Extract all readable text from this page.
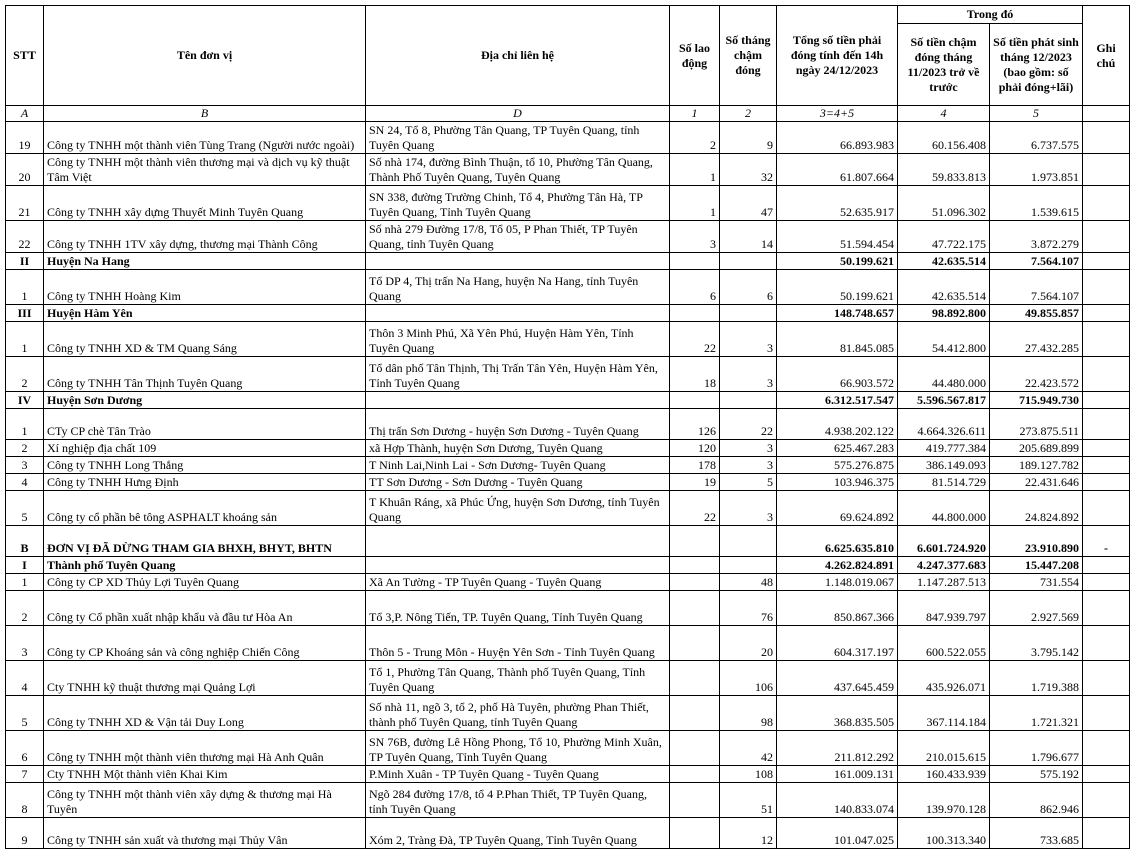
STT	Tên đơn vị	Địa chỉ liên hệ	Số lao động	Số tháng chậm đóng	Tổng số tiền phải đóng tính đến 14h ngày 24/12/2023	Trong đó		Ghi chú
						Số tiền chậm đóng tháng 11/2023 trở về trước	Số tiền phát sinh tháng 12/2023 (bao gồm: số phải đóng+lãi)	
A	B	D	1	2	3=4+5	4	5	
19	Công ty TNHH một thành viên Tùng Trang (Người nước ngoài)	SN 24, Tổ 8, Phường Tân Quang, TP Tuyên Quang, tỉnh Tuyên Quang	2	9	66.893.983	60.156.408	6.737.575	
20	Công ty TNHH một thành viên thương mại và dịch vụ kỹ thuật Tâm Việt	Số nhà 174, đường Bình Thuận, tổ 10, Phường Tân Quang, Thành Phố Tuyên Quang, Tuyên Quang	1	32	61.807.664	59.833.813	1.973.851	
21	Công ty TNHH xây dựng Thuyết Minh Tuyên Quang	SN 338, đường Trường Chinh, Tổ 4, Phường Tân Hà, TP Tuyên Quang, Tỉnh Tuyên Quang	1	47	52.635.917	51.096.302	1.539.615	
22	Công ty TNHH 1TV xây dựng, thương mại Thành Công	Số nhà 279 Đường 17/8, Tổ 05, P Phan Thiết, TP Tuyên Quang, tỉnh Tuyên Quang	3	14	51.594.454	47.722.175	3.872.279	
II	Huyện Na Hang				50.199.621	42.635.514	7.564.107	
1	Công ty TNHH Hoàng Kim	Tổ DP 4, Thị trấn Na Hang, huyện Na Hang, tỉnh Tuyên Quang	6	6	50.199.621	42.635.514	7.564.107	
III	Huyện Hàm Yên				148.748.657	98.892.800	49.855.857	
1	Công ty TNHH XD & TM Quang Sáng	Thôn 3 Minh Phú, Xã Yên Phú, Huyện Hàm Yên, Tỉnh Tuyên Quang	22	3	81.845.085	54.412.800	27.432.285	
2	Công ty TNHH Tân Thịnh Tuyên Quang	Tổ dân phố Tân Thịnh, Thị Trấn Tân Yên, Huyện Hàm Yên, Tỉnh Tuyên Quang	18	3	66.903.572	44.480.000	22.423.572	
IV	Huyện Sơn Dương				6.312.517.547	5.596.567.817	715.949.730	
1	CTy CP chè Tân Trào	Thị trấn Sơn Dương - huyện Sơn Dương - Tuyên Quang	126	22	4.938.202.122	4.664.326.611	273.875.511	
2	Xí nghiệp địa chất 109	xã Hợp Thành, huyện Sơn Dương, Tuyên Quang	120	3	625.467.283	419.777.384	205.689.899	
3	Công ty TNHH Long Thắng	T Ninh Lai,Ninh Lai - Sơn Dương- Tuyên Quang	178	3	575.276.875	386.149.093	189.127.782	
4	Công ty TNHH Hưng Định	TT Sơn Dương - Sơn Dương - Tuyên Quang	19	5	103.946.375	81.514.729	22.431.646	
5	Công ty cổ phần bê tông ASPHALT khoáng sản	T Khuân Ráng, xã Phúc Ứng, huyện Sơn Dương, tỉnh Tuyên Quang	22	3	69.624.892	44.800.000	24.824.892	
B	ĐƠN VỊ ĐÃ DỪNG THAM GIA BHXH, BHYT, BHTN				6.625.635.810	6.601.724.920	23.910.890	-
I	Thành phố Tuyên Quang				4.262.824.891	4.247.377.683	15.447.208	
1	Công ty CP XD Thủy Lợi Tuyên Quang	Xã An Tường - TP Tuyên Quang - Tuyên Quang		48	1.148.019.067	1.147.287.513	731.554	
2	Công ty Cổ phần xuất nhập khẩu và đầu tư Hòa An	Tổ 3,P. Nông Tiến, TP. Tuyên Quang, Tỉnh Tuyên Quang		76	850.867.366	847.939.797	2.927.569	
3	Công ty CP Khoáng sản và công nghiệp Chiến Công	Thôn 5 - Trung Môn - Huyện Yên Sơn - Tỉnh Tuyên Quang		20	604.317.197	600.522.055	3.795.142	
4	Cty TNHH kỹ thuật thương mại Quảng Lợi	Tổ 1, Phường Tân Quang, Thành phố Tuyên Quang, Tỉnh Tuyên Quang		106	437.645.459	435.926.071	1.719.388	
5	Công ty TNHH XD & Vận tải Duy Long	Số nhà 11, ngõ 3, tổ 2, phố Hà Tuyên, phường Phan Thiết, thành phố Tuyên Quang, tỉnh Tuyên Quang		98	368.835.505	367.114.184	1.721.321	
6	Công ty TNHH một thành viên thương mại Hà Anh Quân	SN 76B, đường Lê Hồng Phong, Tổ 10, Phường Minh Xuân, TP Tuyên Quang, Tỉnh Tuyên Quang		42	211.812.292	210.015.615	1.796.677	
7	Cty TNHH Một thành viên Khai Kim	P.Minh Xuân - TP Tuyên Quang - Tuyên Quang		108	161.009.131	160.433.939	575.192	
8	Công ty TNHH một thành viên xây dựng & thương mại Hà Tuyên	Ngõ 284 đường 17/8, tổ 4 P.Phan Thiết, TP Tuyên Quang, tỉnh Tuyên Quang		51	140.833.074	139.970.128	862.946	
9	Công ty TNHH sản xuất và thương mại Thủy Vân	Xóm 2, Tràng Đà, TP Tuyên Quang, Tỉnh Tuyên Quang		12	101.047.025	100.313.340	733.685	
